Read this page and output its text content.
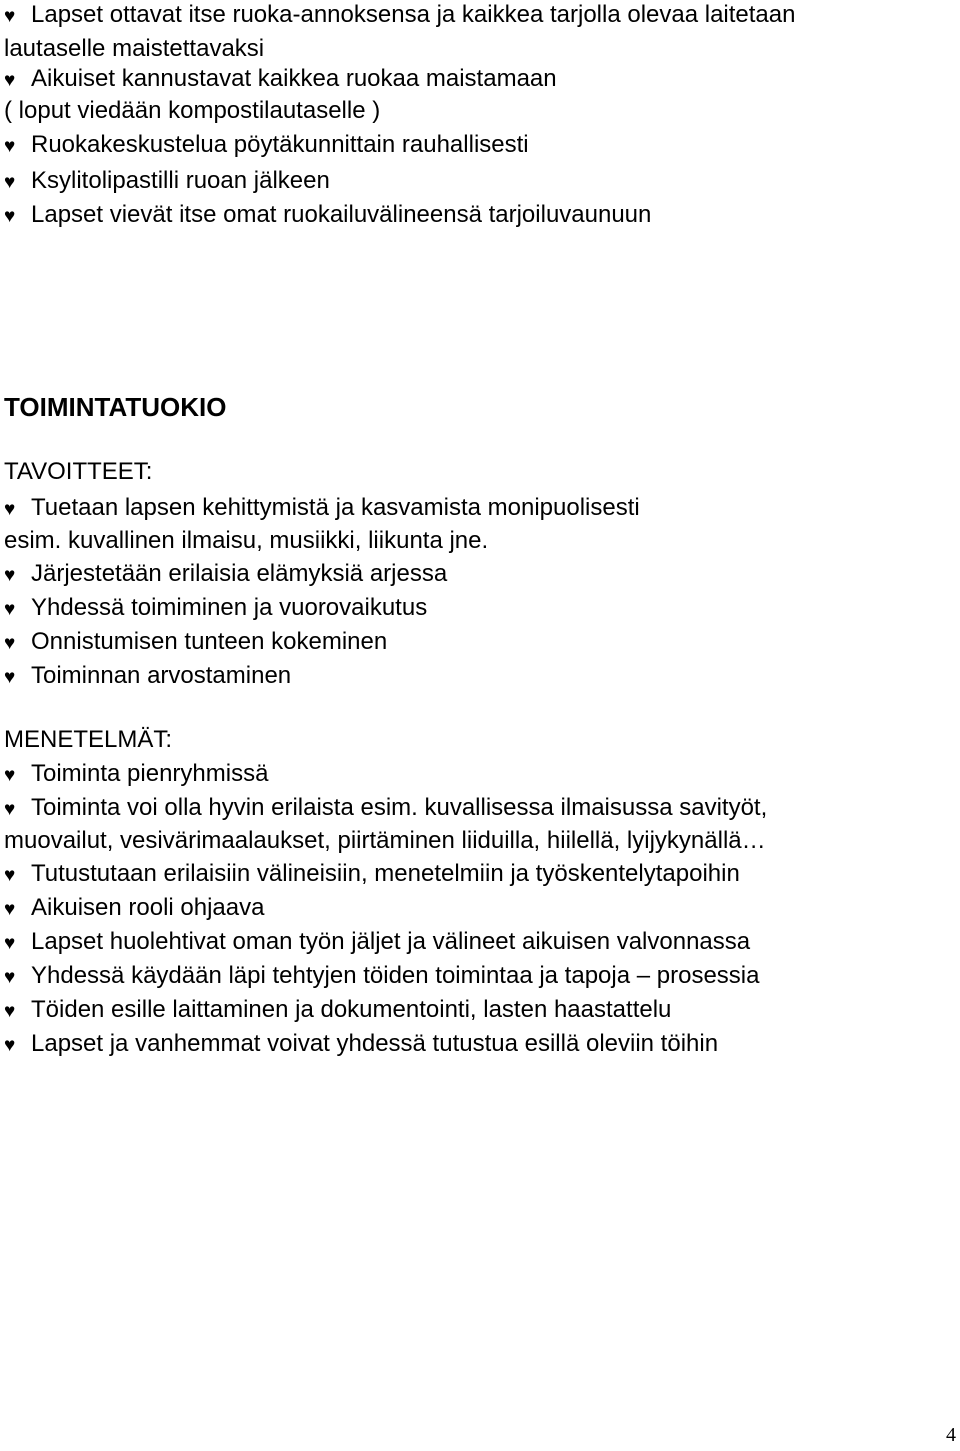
♥ Lapset ottavat itse ruoka-annoksensa ja kaikkea tarjolla olevaa laitetaan
lautaselle maistettavaksi
♥ Aikuiset kannustavat kaikkea ruokaa maistamaan
( loput viedään kompostilautaselle )
♥ Ruokakeskustelua pöytäkunnittain rauhallisesti
♥ Ksylitolipastilli ruoan jälkeen
♥ Lapset vievät itse omat ruokailuvälineensä tarjoiluvaunuun
TOIMINTATUOKIO
TAVOITTEET:
♥ Tuetaan lapsen kehittymistä ja kasvamista monipuolisesti
esim. kuvallinen ilmaisu, musiikki, liikunta jne.
♥ Järjestetään erilaisia elämyksiä arjessa
♥ Yhdessä toimiminen ja vuorovaikutus
♥ Onnistumisen tunteen kokeminen
♥ Toiminnan arvostaminen
MENETELMÄT:
♥ Toiminta pienryhmissä
♥ Toiminta voi olla hyvin erilaista esim. kuvallisessa ilmaisussa savityöt,
muovailut, vesivärimaalaukset, piirtäminen liiduilla, hiilellä, lyijykynällä…
♥ Tutustutaan erilaisiin välineisiin, menetelmiin ja työskentelytapoihin
♥ Aikuisen rooli ohjaava
♥ Lapset huolehtivat oman työn jäljet ja välineet aikuisen valvonnassa
♥ Yhdessä käydään läpi tehtyjen töiden toimintaa ja tapoja – prosessia
♥ Töiden esille laittaminen ja dokumentointi, lasten haastattelu
♥ Lapset ja vanhemmat voivat yhdessä tutustua esillä oleviin töihin
4
